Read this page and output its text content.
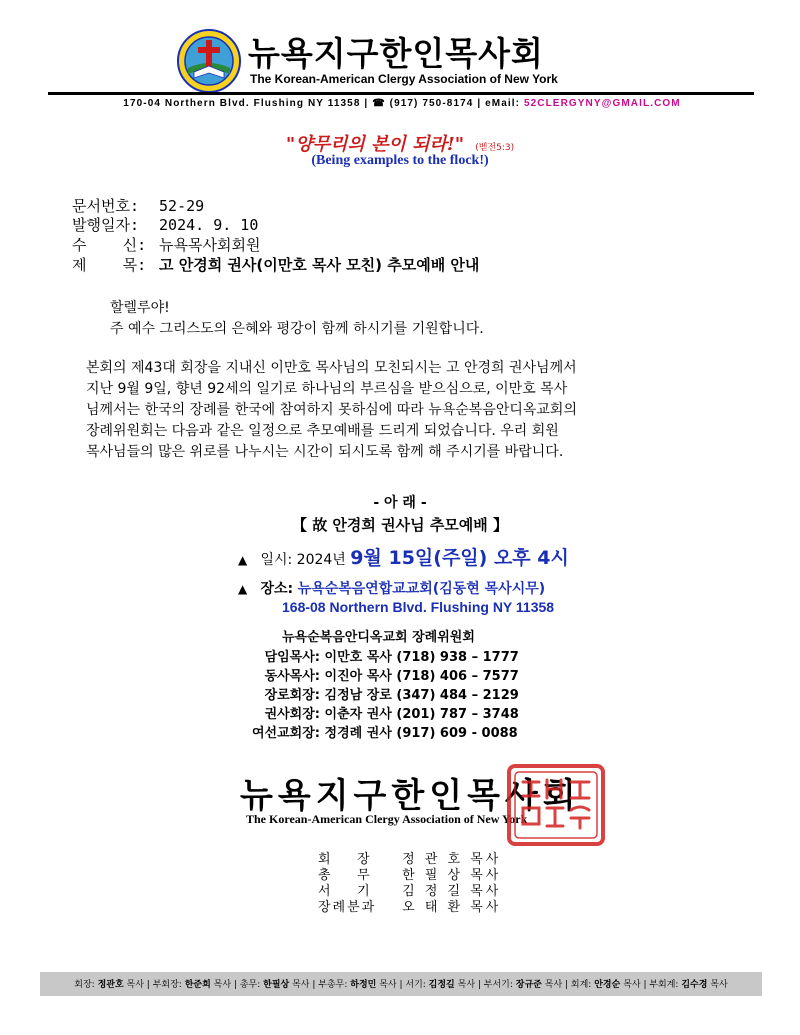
뉴욕지구한인목사회
The Korean-American Clergy Association of New York
170-04 Northern Blvd. Flushing NY 11358 | ☎ (917) 750-8174 | eMail: 52CLERGYNY@GMAIL.COM
"양무리의 본이 되라!" (벧전5:3)
(Being examples to the flock!)
문서번호: 52-29
발행일자: 2024. 9. 10
수    신: 뉴욕목사회회원
제    목: 고 안경희 권사(이만호 목사 모친) 추모예배 안내
할렐루야!
주 예수 그리스도의 은혜와 평강이 함께 하시기를 기원합니다.
본회의 제43대 회장을 지내신 이만호 목사님의 모친되시는 고 안경희 권사님께서
지난 9월 9일, 향년 92세의 일기로 하나님의 부르심을 받으심으로, 이만호 목사
님께서는 한국의 장례를 한국에 참여하지 못하심에 따라 뉴욕순복음안디옥교회의
장례위원회는 다음과 같은 일정으로 추모예배를 드리게 되었습니다. 우리 회원
목사님들의 많은 위로를 나누시는 시간이 되시도록 함께 해 주시기를 바랍니다.
- 아 래 -
【 故 안경희 권사님 추모예배 】
▲ 일시: 2024년 9월 15일(주일) 오후 4시
▲ 장소: 뉴욕순복음연합교교회(김동현 목사시무)
168-08 Northern Blvd. Flushing NY 11358
뉴욕순복음안디옥교회 장례위원회
담임목사: 이만호 목사 (718) 938 – 1777
동사목사: 이진아 목사 (718) 406 – 7577
장로회장: 김정남 장로 (347) 484 – 2129
권사회장: 이춘자 권사 (201) 787 – 3748
여선교회장: 정경례 권사 (917) 609 - 0088
뉴욕지구한인목사회
The Korean-American Clergy Association of New York
회    장 정 관 호 목사
총    무 한 필 상 목사
서    기 김 정 길 목사
장례분과 오 태 환 목사
회장: 정관호 목사 | 부회장: 한준희 목사 | 총무: 한필상 목사 | 부총무: 하정민 목사 | 서기: 김정길 목사 | 부서기: 장규준 목사 | 회계: 안경순 목사 | 부회계: 김수경 목사
